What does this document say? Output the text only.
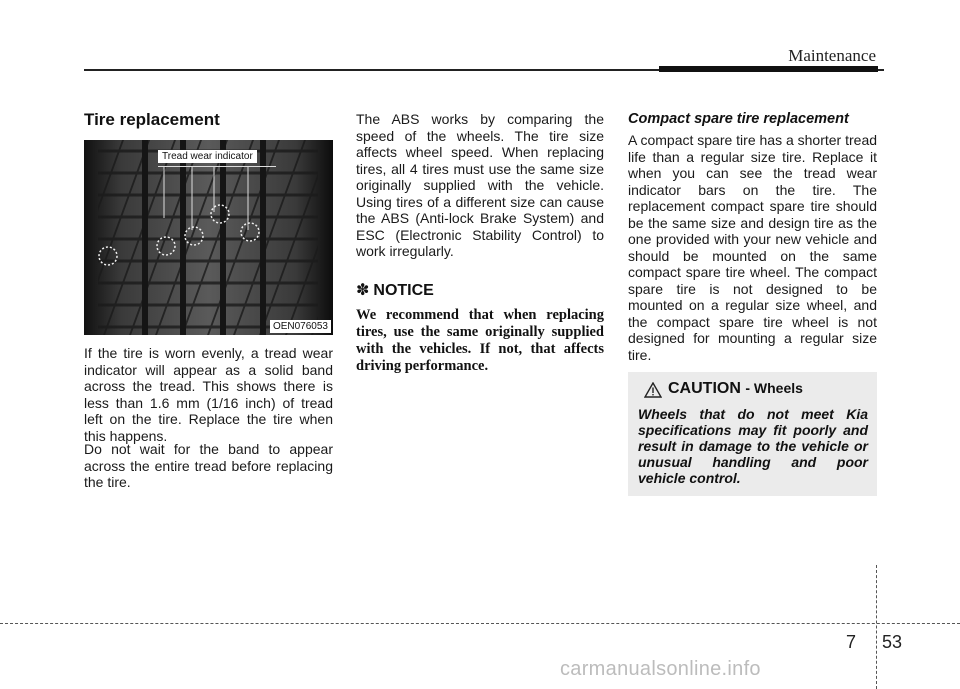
Maintenance
Tire replacement
Tread wear indicator
OEN076053

If the tire is worn evenly, a tread wear indicator will appear as a solid band across the tread. This shows there is less than 1.6 mm (1/16 inch) of tread left on the tire. Replace the tire when this happens.

Do not wait for the band to appear across the entire tread before replacing the tire.

The ABS works by comparing the speed of the wheels. The tire size affects wheel speed. When replacing tires, all 4 tires must use the same size originally supplied with the vehicle. Using tires of a different size can cause the ABS (Anti-lock Brake System) and ESC (Electronic Stability Control) to work irregularly.

✽ NOTICE

We recommend that when replacing tires, use the same originally supplied with the vehicles. If not, that affects driving performance.

Compact spare tire replacement

A compact spare tire has a shorter tread life than a regular size tire. Replace it when you can see the tread wear indicator bars on the tire. The replacement compact spare tire should be the same size and design tire as the one provided with your new vehicle and should be mounted on the same compact spare tire wheel. The compact spare tire is not designed to be mounted on a regular size wheel, and the compact spare tire wheel is not designed for mounting a regular size tire.

CAUTION - Wheels

Wheels that do not meet Kia specifications may fit poorly and result in damage to the vehicle or unusual handling and poor vehicle control.

7 53
carmanualsonline.info
